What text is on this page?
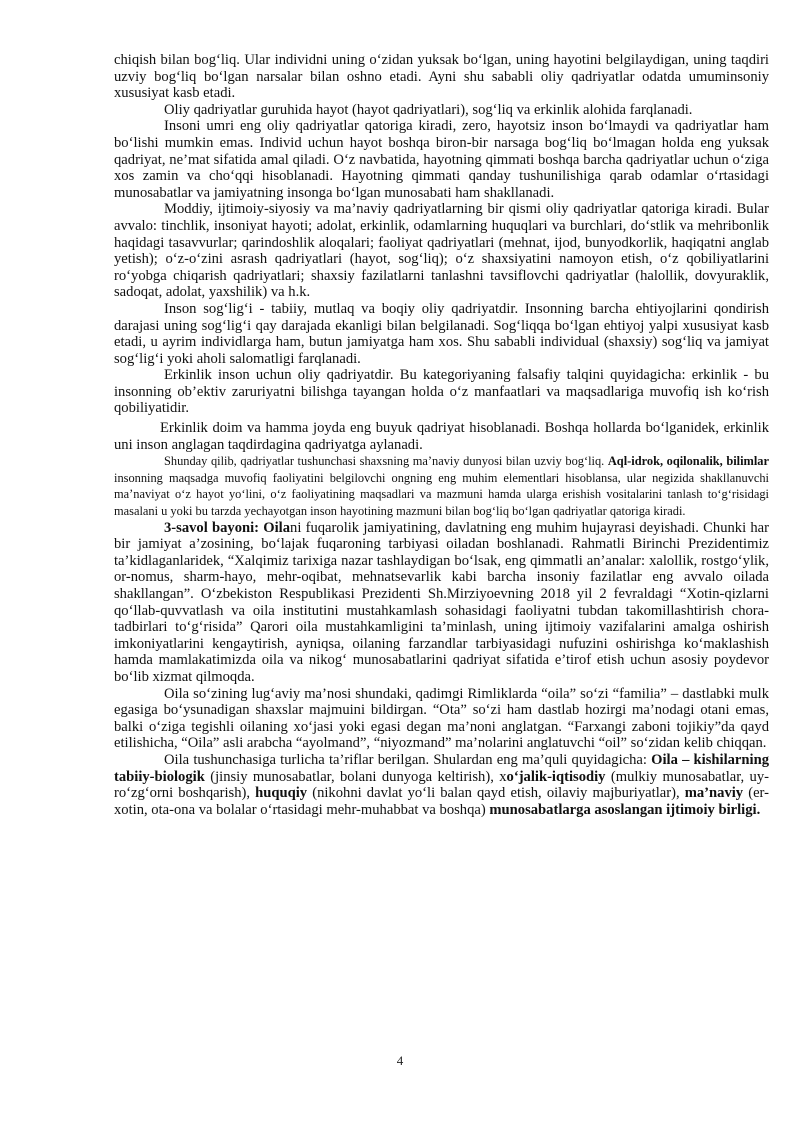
chiqish bilan bog‘liq. Ular individni uning o‘zidan yuksak bo‘lgan, uning hayotini belgilaydigan, uning taqdiri uzviy bog‘liq bo‘lgan narsalar bilan oshno etadi. Ayni shu sababli oliy qadriyatlar odatda umuminsoniy xususiyat kasb etadi.

Oliy qadriyatlar guruhida hayot (hayot qadriyatlari), sog‘liq va erkinlik alohida farqlanadi.

Insoni umri eng oliy qadriyatlar qatoriga kiradi, zero, hayotsiz inson bo‘lmaydi va qadriyatlar ham bo‘lishi mumkin emas. Individ uchun hayot boshqa biron-bir narsaga bog‘liq bo‘lmagan holda eng yuksak qadriyat, ne’mat sifatida amal qiladi. O‘z navbatida, hayotning qimmati boshqa barcha qadriyatlar uchun o‘ziga xos zamin va cho‘qqi hisoblanadi. Hayotning qimmati qanday tushunilishiga qarab odamlar o‘rtasidagi munosabatlar va jamiyatning insonga bo‘lgan munosabati ham shakllanadi.

Moddiy, ijtimoiy-siyosiy va ma’naviy qadriyatlarning bir qismi oliy qadriyatlar qatoriga kiradi. Bular avvalo: tinchlik, insoniyat hayoti; adolat, erkinlik, odamlarning huquqlari va burchlari, do‘stlik va mehribonlik haqidagi tasavvurlar; qarindoshlik aloqalari; faoliyat qadriyatlari (mehnat, ijod, bunyodkorlik, haqiqatni anglab yetish); o‘z-o‘zini asrash qadriyatlari (hayot, sog‘liq); o‘z shaxsiyatini namoyon etish, o‘z qobiliyatlarini ro‘yobga chiqarish qadriyatlari; shaxsiy fazilatlarni tanlashni tavsiflovchi qadriyatlar (halollik, dovyuraklik, sadoqat, adolat, yaxshilik) va h.k.

Inson sog‘lig‘i - tabiiy, mutlaq va boqiy oliy qadriyatdir. Insonning barcha ehtiyojlarini qondirish darajasi uning sog‘lig‘i qay darajada ekanligi bilan belgilanadi. Sog‘liqqa bo‘lgan ehtiyoj yalpi xususiyat kasb etadi, u ayrim individlarga ham, butun jamiyatga ham xos. Shu sababli individual (shaxsiy) sog‘liq va jamiyat sog‘lig‘i yoki aholi salomatligi farqlanadi.

Erkinlik inson uchun oliy qadriyatdir. Bu kategoriyaning falsafiy talqini quyidagicha: erkinlik - bu insonning ob’ektiv zaruriyatni bilishga tayangan holda o‘z manfaatlari va maqsadlariga muvofiq ish ko‘rish qobiliyatidir.

Erkinlik doim va hamma joyda eng buyuk qadriyat hisoblanadi. Boshqa hollarda bo‘lganidek, erkinlik uni inson anglagan taqdirdagina qadriyatga aylanadi.

Shunday qilib, qadriyatlar tushunchasi shaxsning ma’naviy dunyosi bilan uzviy bog‘liq. Aql-idrok, oqilonalik, bilimlar insonning maqsadga muvofiq faoliyatini belgilovchi ongning eng muhim elementlari hisoblansa, ular negizida shakllanuvchi ma’naviyat o‘z hayot yo‘lini, o‘z faoliyatining maqsadlari va mazmuni hamda ularga erishish vositalarini tanlash to‘g‘risidagi masalani u yoki bu tarzda yechayotgan inson hayotining mazmuni bilan bog‘liq bo‘lgan qadriyatlar qatoriga kiradi.

3-savol bayoni: Oilani fuqarolik jamiyatining, davlatning eng muhim hujayrasi deyishadi. Chunki har bir jamiyat a’zosining, bo‘lajak fuqaroning tarbiyasi oiladan boshlanadi. Rahmatli Birinchi Prezidentimiz ta’kidlaganlaridek, “Xalqimiz tarixiga nazar tashlaydigan bo‘lsak, eng qimmatli an’analar: xalollik, rostgo‘ylik, or-nomus, sharm-hayo, mehr-oqibat, mehnatsevarlik kabi barcha insoniy fazilatlar eng avvalo oilada shakllangan”. O‘zbekiston Respublikasi Prezidenti Sh.Mirziyoevning 2018 yil 2 fevraldagi “Xotin-qizlarni qo‘llab-quvvatlash va oila institutini mustahkamlash sohasidagi faoliyatni tubdan takomillashtirish chora-tadbirlari to‘g‘risida” Qarori oila mustahkamligini ta’minlash, uning ijtimoiy vazifalarini amalga oshirish imkoniyatlarini kengaytirish, ayniqsa, oilaning farzandlar tarbiyasidagi nufuzini oshirishga ko‘maklashish hamda mamlakatimizda oila va nikog‘ munosabatlarini qadriyat sifatida e’tirof etish uchun asosiy poydevor bo‘lib xizmat qilmoqda.

Oila so‘zining lug‘aviy ma’nosi shundaki, qadimgi Rimliklarda “oila” so‘zi “familia” – dastlabki mulk egasiga bo‘ysunadigan shaxslar majmuini bildirgan. “Ota” so‘zi ham dastlab hozirgi ma’nodagi otani emas, balki o‘ziga tegishli oilaning xo‘jasi yoki egasi degan ma’noni anglatgan. “Farxangi zaboni tojikiy”da qayd etilishicha, “Oila” asli arabcha “ayolmand”, “niyozmand” ma’nolarini anglatuvchi “oil” so‘zidan kelib chiqqan.

Oila tushunchasiga turlicha ta’riflar berilgan. Shulardan eng ma’quli quyidagicha: Oila – kishilarning tabiiy-biologik (jinsiy munosabatlar, bolani dunyoga keltirish), xo‘jalik-iqtisodiy (mulkiy munosabatlar, uy-ro‘zg‘orni boshqarish), huquqiy (nikohni davlat yo‘li balan qayd etish, oilaviy majburiyatlar), ma’naviy (er-xotin, ota-ona va bolalar o‘rtasidagi mehr-muhabbat va boshqa) munosabatlarga asoslangan ijtimoiy birligi.

4
